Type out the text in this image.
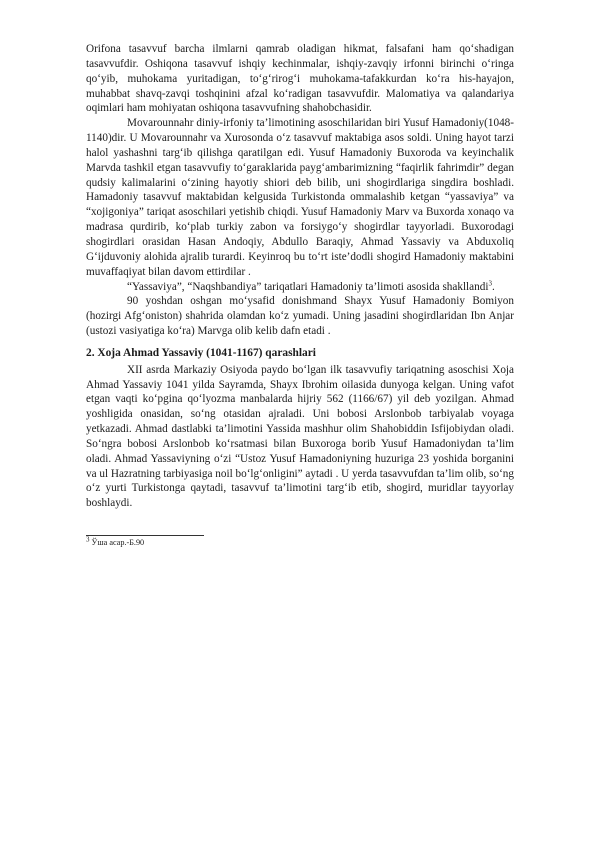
Orifona tasavvuf barcha ilmlarni qamrab oladigan hikmat, falsafani ham qo‘shadigan tasavvufdir. Oshiqona tasavvuf ishqiy kechinmalar, ishqiy-zavqiy irfonni birinchi o‘ringa qo‘yib, muhokama yuritadigan, to‘g‘rirog‘i muhokama-tafakkurdan ko‘ra his-hayajon, muhabbat shavq-zavqi toshqinini afzal ko‘radigan tasavvufdir. Malomatiya va qalandariya oqimlari ham mohiyatan oshiqona tasavvufning shahobchasidir.

Movarounnahr diniy-irfoniy ta’limotining asoschilaridan biri Yusuf Hamadoniy(1048-1140)dir. U Movarounnahr va Xurosonda o‘z tasavvuf maktabiga asos soldi. Uning hayot tarzi halol yashashni targ‘ib qilishga qaratilgan edi. Yusuf Hamadoniy Buxoroda va keyinchalik Marvda tashkil etgan tasavvufiy to‘garaklarida payg‘ambarimizning “faqirlik fahrimdir” degan qudsiy kalimalarini o‘zining hayotiy shiori deb bilib, uni shogirdlariga singdira boshladi. Hamadoniy tasavvuf maktabidan kelgusida Turkistonda ommalashib ketgan “yassaviya” va “xojigoniya” tariqat asoschilari yetishib chiqdi. Yusuf Hamadoniy Marv va Buxorda xonaqo va madrasa qurdirib, ko‘plab turkiy zabon va forsiygo‘y shogirdlar tayyorladi. Buxorodagi shogirdlari orasidan Hasan Andoqiy, Abdullo Baraqiy, Ahmad Yassaviy va Abduxoliq G‘ijduvoniy alohida ajralib turardi. Keyinroq bu to‘rt iste’dodli shogird Hamadoniy maktabini muvaffaqiyat bilan davom ettirdilar .

“Yassaviya”, “Naqshbandiya” tariqatlari Hamadoniy ta’limoti asosida shakllandi$^3$.

90 yoshdan oshgan mo‘ysafid donishmand Shayx Yusuf Hamadoniy Bomiyon (hozirgi Afg‘oniston) shahrida olamdan ko‘z yumadi. Uning jasadini shogirdlaridan Ibn Anjar (ustozi vasiyatiga ko‘ra) Marvga olib kelib dafn etadi .

2. Xoja Ahmad Yassaviy (1041-1167) qarashlari

XII asrda Markaziy Osiyoda paydo bo‘lgan ilk tasavvufiy tariqatning asoschisi Xoja Ahmad Yassaviy 1041 yilda Sayramda, Shayx Ibrohim oilasida dunyoga kelgan. Uning vafot etgan vaqti ko‘pgina qo‘lyozma manbalarda hijriy 562 (1166/67) yil deb yozilgan. Ahmad yoshligida onasidan, so‘ng otasidan ajraladi. Uni bobosi Arslonbob tarbiyalab voyaga yetkazadi. Ahmad dastlabki ta’limotini Yassida mashhur olim Shahobiddin Isfijobiydan oladi. So‘ngra bobosi Arslonbob ko‘rsatmasi bilan Buxoroga borib Yusuf Hamadoniydan ta’lim oladi. Ahmad Yassaviyning o‘zi “Ustoz Yusuf Hamadoniyning huzuriga 23 yoshida borganini va ul Hazratning tarbiyasiga noil bo‘lg‘onligini” aytadi . U yerda tasavvufdan ta’lim olib, so‘ng o‘z yurti Turkistonga qaytadi, tasavvuf ta’limotini targ‘ib etib, shogird, muridlar tayyorlay boshlaydi.

$^3$ Ўша асар.-Б.90
